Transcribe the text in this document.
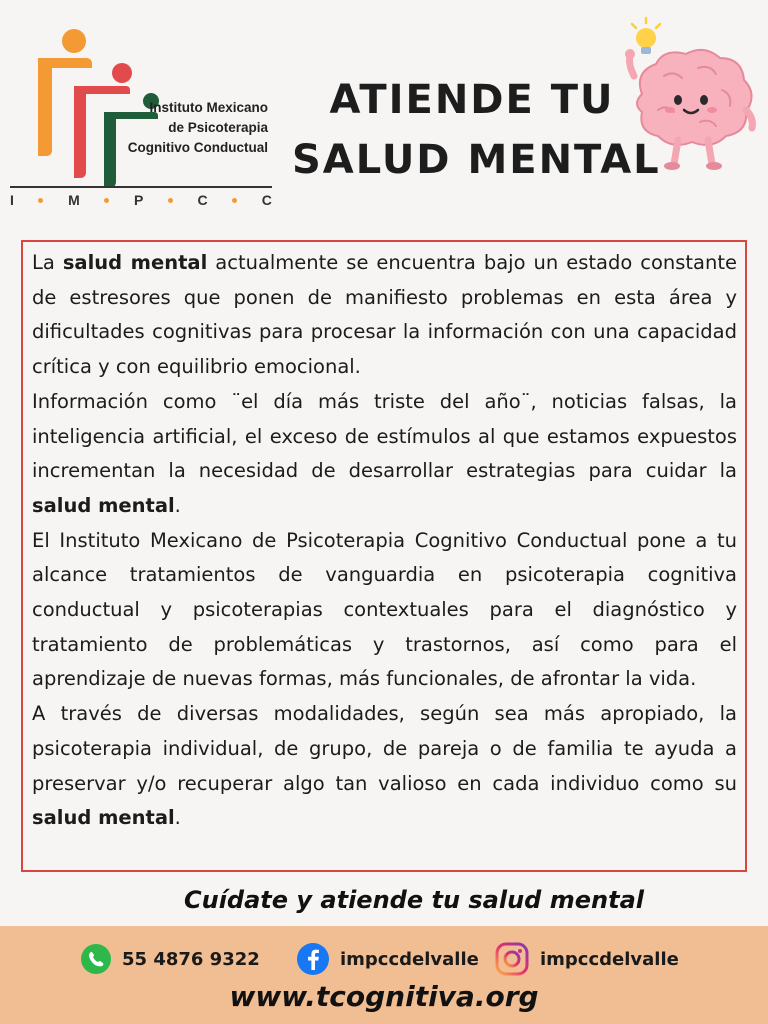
Instituto Mexicano
de Psicoterapia
Cognitivo Conductual
I	M	P	C	C
ATIENDE TU
SALUD MENTAL

La salud mental actualmente se encuentra bajo un estado constante de estresores que ponen de manifiesto problemas en esta área y dificultades cognitivas para procesar la información con una capacidad crítica y con equilibrio emocional.

Información como ¨el día más triste del año¨, noticias falsas, la inteligencia artificial, el exceso de estímulos al que estamos expuestos incrementan la necesidad de desarrollar estrategias para cuidar la salud mental.

El Instituto Mexicano de Psicoterapia Cognitivo Conductual pone a tu alcance tratamientos de vanguardia en psicoterapia cognitiva conductual y psicoterapias contextuales para el diagnóstico y tratamiento de problemáticas y trastornos, así como para el aprendizaje de nuevas formas, más funcionales, de afrontar la vida.

A través de diversas modalidades, según sea más apropiado, la psicoterapia individual, de grupo, de pareja o de familia te ayuda a preservar y/o recuperar algo tan valioso en cada individuo como su salud mental.

Cuídate y atiende tu salud mental
55 4876 9322	impccdelvalle	impccdelvalle
www.tcognitiva.org
